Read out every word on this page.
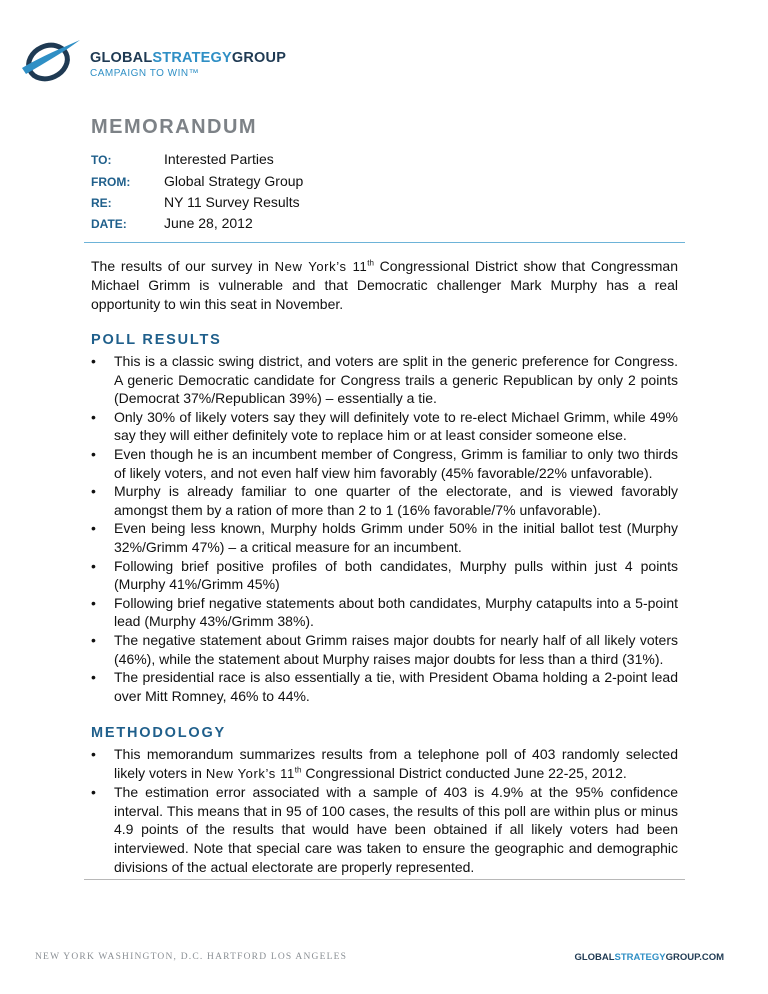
GLOBALSTRATEGYGROUP
CAMPAIGN TO WIN™
MEMORANDUM
TO:	Interested Parties
FROM: Global Strategy Group
RE:	NY 11 Survey Results
DATE:	June 28, 2012

The results of our survey in New York’s 11th Congressional District show that Congressman Michael Grimm is vulnerable and that Democratic challenger Mark Murphy has a real opportunity to win this seat in November.

POLL RESULTS
• This is a classic swing district, and voters are split in the generic preference for Congress. A generic Democratic candidate for Congress trails a generic Republican by only 2 points (Democrat 37%/Republican 39%) – essentially a tie.
• Only 30% of likely voters say they will definitely vote to re-elect Michael Grimm, while 49% say they will either definitely vote to replace him or at least consider someone else.
• Even though he is an incumbent member of Congress, Grimm is familiar to only two thirds of likely voters, and not even half view him favorably (45% favorable/22% unfavorable).
• Murphy is already familiar to one quarter of the electorate, and is viewed favorably amongst them by a ration of more than 2 to 1 (16% favorable/7% unfavorable).
• Even being less known, Murphy holds Grimm under 50% in the initial ballot test (Murphy 32%/Grimm 47%) – a critical measure for an incumbent.
• Following brief positive profiles of both candidates, Murphy pulls within just 4 points (Murphy 41%/Grimm 45%)
• Following brief negative statements about both candidates, Murphy catapults into a 5-point lead (Murphy 43%/Grimm 38%).
• The negative statement about Grimm raises major doubts for nearly half of all likely voters (46%), while the statement about Murphy raises major doubts for less than a third (31%).
• The presidential race is also essentially a tie, with President Obama holding a 2-point lead over Mitt Romney, 46% to 44%.
METHODOLOGY
• This memorandum summarizes results from a telephone poll of 403 randomly selected likely voters in New York’s 11th Congressional District conducted June 22-25, 2012.
• The estimation error associated with a sample of 403 is 4.9% at the 95% confidence interval. This means that in 95 of 100 cases, the results of this poll are within plus or minus 4.9 points of the results that would have been obtained if all likely voters had been interviewed. Note that special care was taken to ensure the geographic and demographic divisions of the actual electorate are properly represented.
NEW YORK WASHINGTON, D.C. HARTFORD LOS ANGELES	GLOBALSTRATEGYGROUP.COM
